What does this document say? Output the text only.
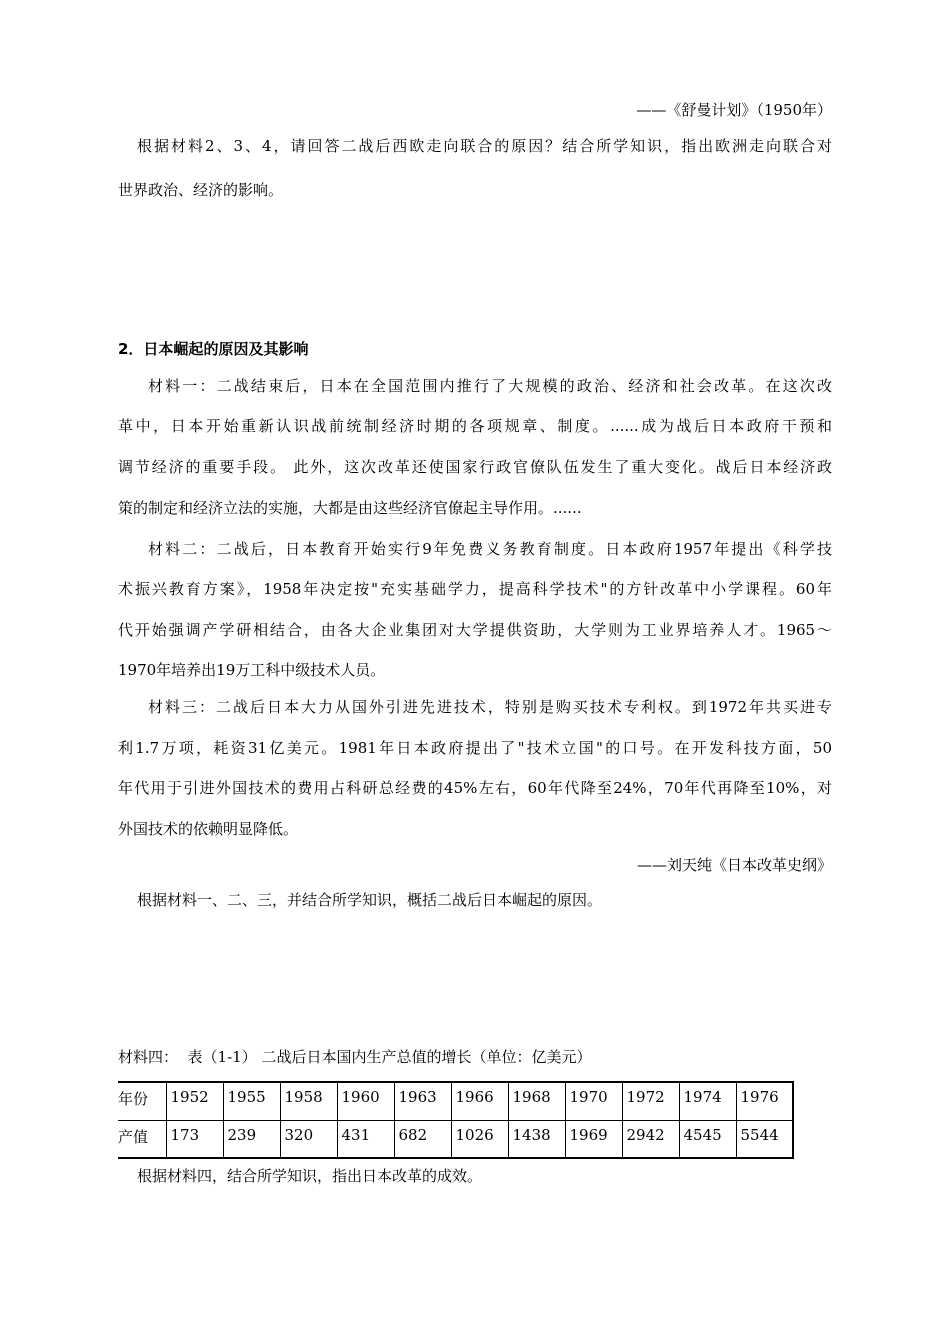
——《舒曼计划》（1950年）
根据材料2、3、4，请回答二战后西欧走向联合的原因？结合所学知识，指出欧洲走向联合对
世界政治、经济的影响。
2．日本崛起的原因及其影响
材料一：二战结束后，日本在全国范围内推行了大规模的政治、经济和社会改革。在这次改
革中，日本开始重新认识战前统制经济时期的各项规章、制度。......成为战后日本政府干预和
调节经济的重要手段。 此外，这次改革还使国家行政官僚队伍发生了重大变化。战后日本经济政
策的制定和经济立法的实施，大都是由这些经济官僚起主导作用。......
材料二：二战后，日本教育开始实行9年免费义务教育制度。日本政府1957年提出《科学技
术振兴教育方案》，1958年决定按"充实基础学力，提高科学技术"的方针改革中小学课程。60年
代开始强调产学研相结合，由各大企业集团对大学提供资助，大学则为工业界培养人才。1965～
1970年培养出19万工科中级技术人员。
材料三：二战后日本大力从国外引进先进技术，特别是购买技术专利权。到1972年共买进专
利1.7万项，耗资31亿美元。1981年日本政府提出了"技术立国"的口号。在开发科技方面，50
年代用于引进外国技术的费用占科研总经费的45%左右，60年代降至24%，70年代再降至10%，对
外国技术的依赖明显降低。
——刘天纯《日本改革史纲》
根据材料一、二、三，并结合所学知识，概括二战后日本崛起的原因。
材料四：  表（1-1） 二战后日本国内生产总值的增长（单位：亿美元）
年份	1952	1955	1958	1960	1963	1966	1968	1970	1972	1974	1976
产值	173	239	320	431	682	1026	1438	1969	2942	4545	5544
根据材料四，结合所学知识，指出日本改革的成效。
